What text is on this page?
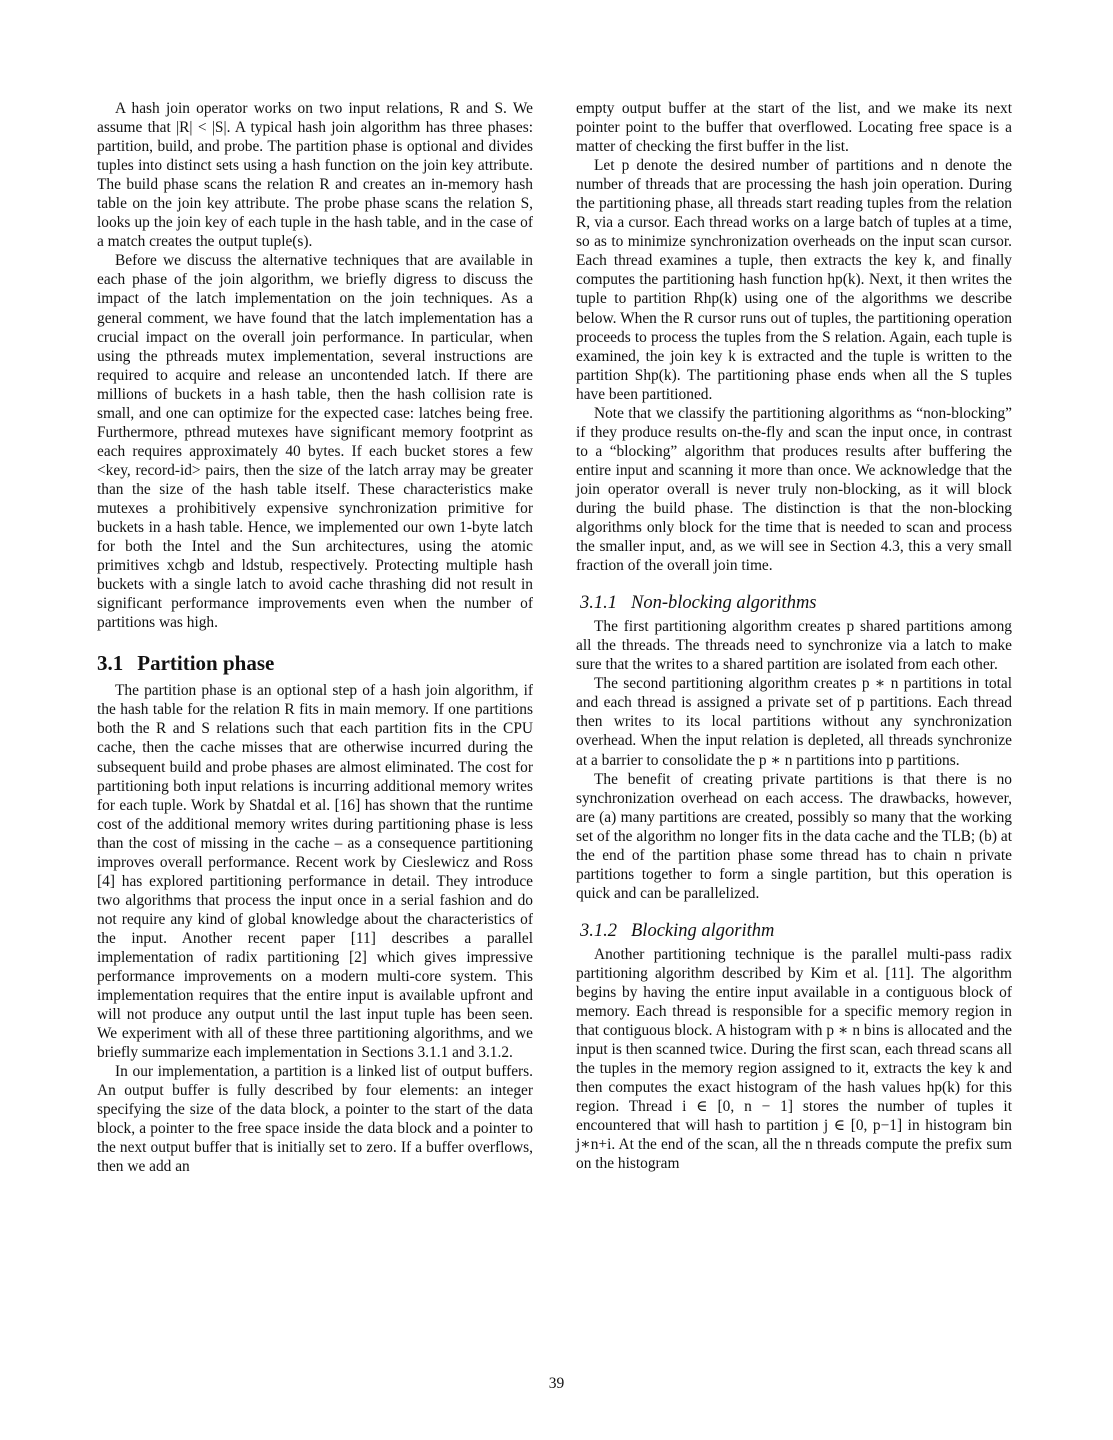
A hash join operator works on two input relations, R and S. We assume that |R| < |S|. A typical hash join algorithm has three phases: partition, build, and probe. The partition phase is optional and divides tuples into distinct sets using a hash function on the join key attribute. The build phase scans the relation R and creates an in-memory hash table on the join key attribute. The probe phase scans the relation S, looks up the join key of each tuple in the hash table, and in the case of a match creates the output tuple(s).

Before we discuss the alternative techniques that are available in each phase of the join algorithm, we briefly digress to discuss the impact of the latch implementation on the join techniques. As a general comment, we have found that the latch implementation has a crucial impact on the overall join performance. In particular, when using the pthreads mutex implementation, several instructions are required to acquire and release an uncontended latch. If there are millions of buckets in a hash table, then the hash collision rate is small, and one can optimize for the expected case: latches being free. Furthermore, pthread mutexes have significant memory footprint as each requires approximately 40 bytes. If each bucket stores a few <key, record-id> pairs, then the size of the latch array may be greater than the size of the hash table itself. These characteristics make mutexes a prohibitively expensive synchronization primitive for buckets in a hash table. Hence, we implemented our own 1-byte latch for both the Intel and the Sun architectures, using the atomic primitives xchgb and ldstub, respectively. Protecting multiple hash buckets with a single latch to avoid cache thrashing did not result in significant performance improvements even when the number of partitions was high.

3.1 Partition phase

The partition phase is an optional step of a hash join algorithm, if the hash table for the relation R fits in main memory. If one partitions both the R and S relations such that each partition fits in the CPU cache, then the cache misses that are otherwise incurred during the subsequent build and probe phases are almost eliminated. The cost for partitioning both input relations is incurring additional memory writes for each tuple. Work by Shatdal et al. [16] has shown that the runtime cost of the additional memory writes during partitioning phase is less than the cost of missing in the cache – as a consequence partitioning improves overall performance. Recent work by Cieslewicz and Ross [4] has explored partitioning performance in detail. They introduce two algorithms that process the input once in a serial fashion and do not require any kind of global knowledge about the characteristics of the input. Another recent paper [11] describes a parallel implementation of radix partitioning [2] which gives impressive performance improvements on a modern multi-core system. This implementation requires that the entire input is available upfront and will not produce any output until the last input tuple has been seen. We experiment with all of these three partitioning algorithms, and we briefly summarize each implementation in Sections 3.1.1 and 3.1.2.

In our implementation, a partition is a linked list of output buffers. An output buffer is fully described by four elements: an integer specifying the size of the data block, a pointer to the start of the data block, a pointer to the free space inside the data block and a pointer to the next output buffer that is initially set to zero. If a buffer overflows, then we add an

empty output buffer at the start of the list, and we make its next pointer point to the buffer that overflowed. Locating free space is a matter of checking the first buffer in the list.

Let p denote the desired number of partitions and n denote the number of threads that are processing the hash join operation. During the partitioning phase, all threads start reading tuples from the relation R, via a cursor. Each thread works on a large batch of tuples at a time, so as to minimize synchronization overheads on the input scan cursor. Each thread examines a tuple, then extracts the key k, and finally computes the partitioning hash function hp(k). Next, it then writes the tuple to partition Rhp(k) using one of the algorithms we describe below. When the R cursor runs out of tuples, the partitioning operation proceeds to process the tuples from the S relation. Again, each tuple is examined, the join key k is extracted and the tuple is written to the partition Shp(k). The partitioning phase ends when all the S tuples have been partitioned.

Note that we classify the partitioning algorithms as “non-blocking” if they produce results on-the-fly and scan the input once, in contrast to a “blocking” algorithm that produces results after buffering the entire input and scanning it more than once. We acknowledge that the join operator overall is never truly non-blocking, as it will block during the build phase. The distinction is that the non-blocking algorithms only block for the time that is needed to scan and process the smaller input, and, as we will see in Section 4.3, this a very small fraction of the overall join time.

3.1.1 Non-blocking algorithms

The first partitioning algorithm creates p shared partitions among all the threads. The threads need to synchronize via a latch to make sure that the writes to a shared partition are isolated from each other.

The second partitioning algorithm creates p ∗ n partitions in total and each thread is assigned a private set of p partitions. Each thread then writes to its local partitions without any synchronization overhead. When the input relation is depleted, all threads synchronize at a barrier to consolidate the p ∗ n partitions into p partitions.

The benefit of creating private partitions is that there is no synchronization overhead on each access. The drawbacks, however, are (a) many partitions are created, possibly so many that the working set of the algorithm no longer fits in the data cache and the TLB; (b) at the end of the partition phase some thread has to chain n private partitions together to form a single partition, but this operation is quick and can be parallelized.

3.1.2 Blocking algorithm

Another partitioning technique is the parallel multi-pass radix partitioning algorithm described by Kim et al. [11]. The algorithm begins by having the entire input available in a contiguous block of memory. Each thread is responsible for a specific memory region in that contiguous block. A histogram with p ∗ n bins is allocated and the input is then scanned twice. During the first scan, each thread scans all the tuples in the memory region assigned to it, extracts the key k and then computes the exact histogram of the hash values hp(k) for this region. Thread i ∈ [0, n − 1] stores the number of tuples it encountered that will hash to partition j ∈ [0, p−1] in histogram bin j∗n+i. At the end of the scan, all the n threads compute the prefix sum on the histogram

39
